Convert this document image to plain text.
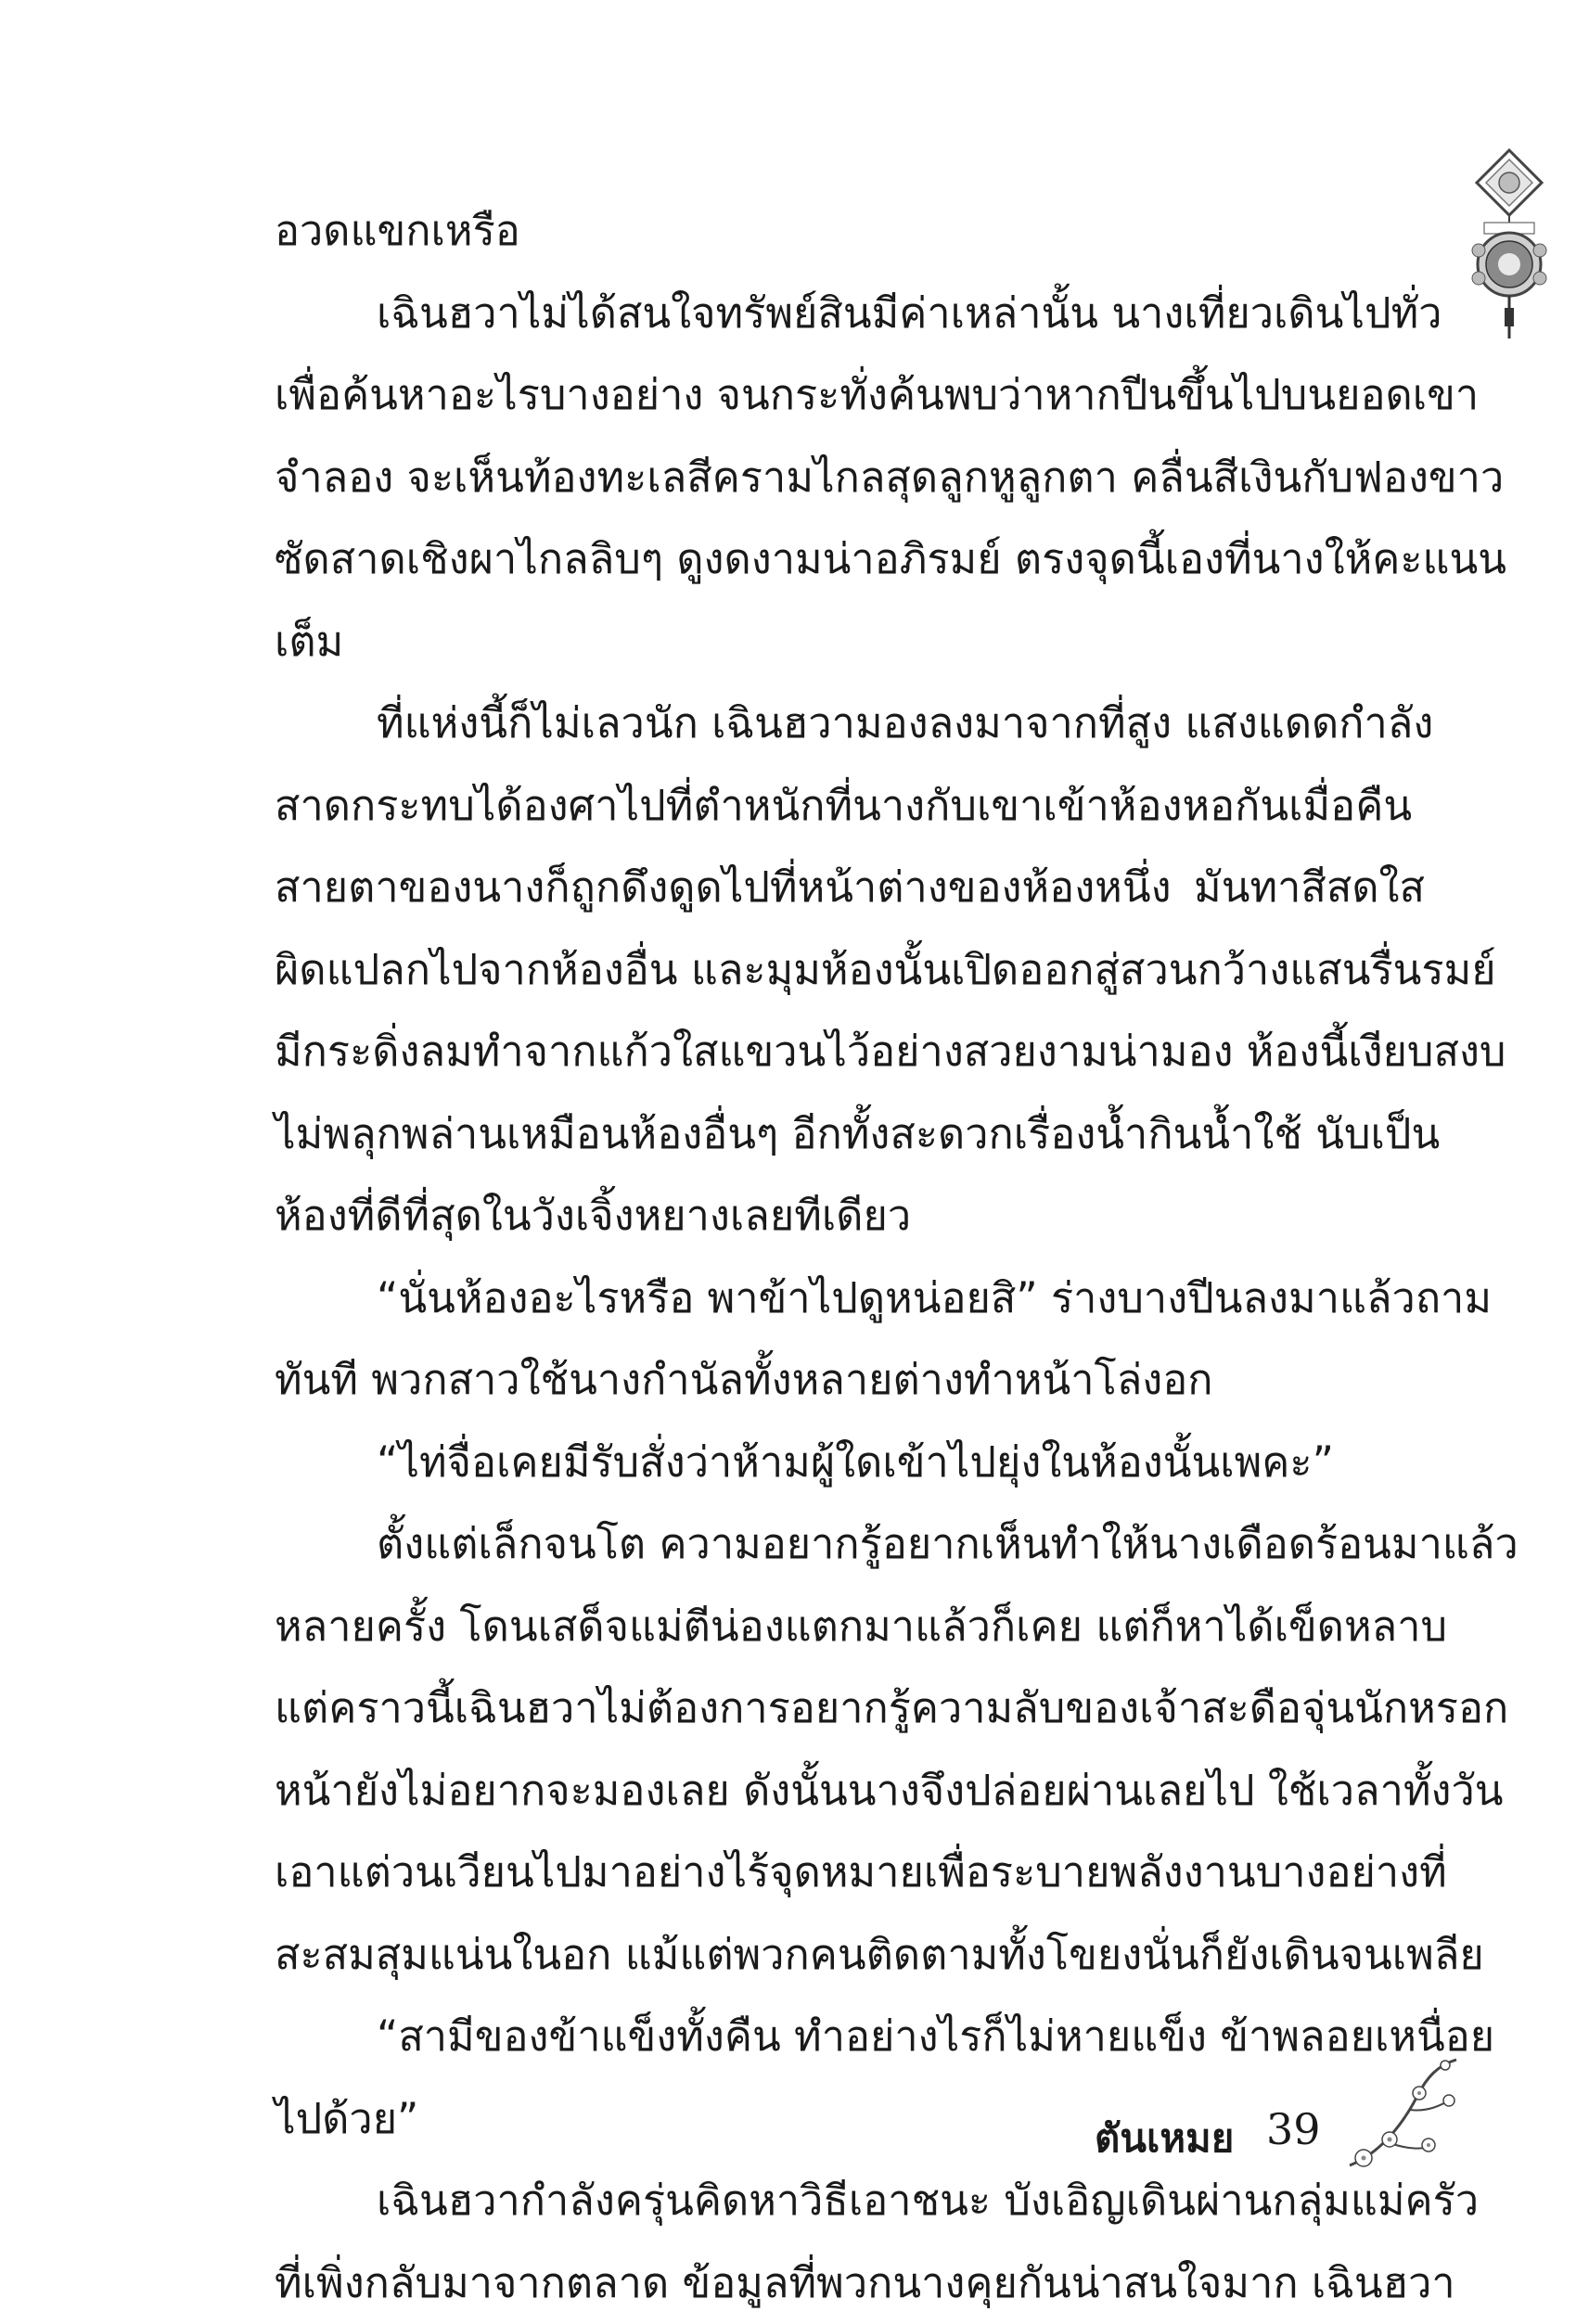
อวดแขกเหรือ
เฉินฮวาไม่ได้สนใจทรัพย์สินมีค่าเหล่านั้น นางเที่ยวเดินไปทั่ว
เพื่อค้นหาอะไรบางอย่าง จนกระทั่งค้นพบว่าหากปีนขึ้นไปบนยอดเขา
จำลอง จะเห็นท้องทะเลสีครามไกลสุดลูกหูลูกตา คลื่นสีเงินกับฟองขาว
ซัดสาดเชิงผาไกลลิบๆ ดูงดงามน่าอภิรมย์ ตรงจุดนี้เองที่นางให้คะแนน
เต็ม
ที่แห่งนี้ก็ไม่เลวนัก เฉินฮวามองลงมาจากที่สูง แสงแดดกำลัง
สาดกระทบได้องศาไปที่ตำหนักที่นางกับเขาเข้าห้องหอกันเมื่อคืน
สายตาของนางก็ถูกดึงดูดไปที่หน้าต่างของห้องหนึ่ง มันทาสีสดใส
ผิดแปลกไปจากห้องอื่น และมุมห้องนั้นเปิดออกสู่สวนกว้างแสนรื่นรมย์
มีกระดิ่งลมทำจากแก้วใสแขวนไว้อย่างสวยงามน่ามอง ห้องนี้เงียบสงบ
ไม่พลุกพล่านเหมือนห้องอื่นๆ อีกทั้งสะดวกเรื่องน้ำกินน้ำใช้ นับเป็น
ห้องที่ดีที่สุดในวังเจิ้งหยางเลยทีเดียว
“นั่นห้องอะไรหรือ พาข้าไปดูหน่อยสิ” ร่างบางปีนลงมาแล้วถาม
ทันที พวกสาวใช้นางกำนัลทั้งหลายต่างทำหน้าโล่งอก
“ไท่จื่อเคยมีรับสั่งว่าห้ามผู้ใดเข้าไปยุ่งในห้องนั้นเพคะ”
ตั้งแต่เล็กจนโต ความอยากรู้อยากเห็นทำให้นางเดือดร้อนมาแล้ว
หลายครั้ง โดนเสด็จแม่ตีน่องแตกมาแล้วก็เคย แต่ก็หาได้เข็ดหลาบ
แต่คราวนี้เฉินฮวาไม่ต้องการอยากรู้ความลับของเจ้าสะดือจุ่นนักหรอก
หน้ายังไม่อยากจะมองเลย ดังนั้นนางจึงปล่อยผ่านเลยไป ใช้เวลาทั้งวัน
เอาแต่วนเวียนไปมาอย่างไร้จุดหมายเพื่อระบายพลังงานบางอย่างที่
สะสมสุมแน่นในอก แม้แต่พวกคนติดตามทั้งโขยงนั่นก็ยังเดินจนเพลีย
“สามีของข้าแข็งทั้งคืน ทำอย่างไรก็ไม่หายแข็ง ข้าพลอยเหนื่อย
ไปด้วย”
เฉินฮวากำลังครุ่นคิดหาวิธีเอาชนะ บังเอิญเดินผ่านกลุ่มแม่ครัว
ที่เพิ่งกลับมาจากตลาด ข้อมูลที่พวกนางคุยกันน่าสนใจมาก เฉินฮวา
ตันเหมย 39
